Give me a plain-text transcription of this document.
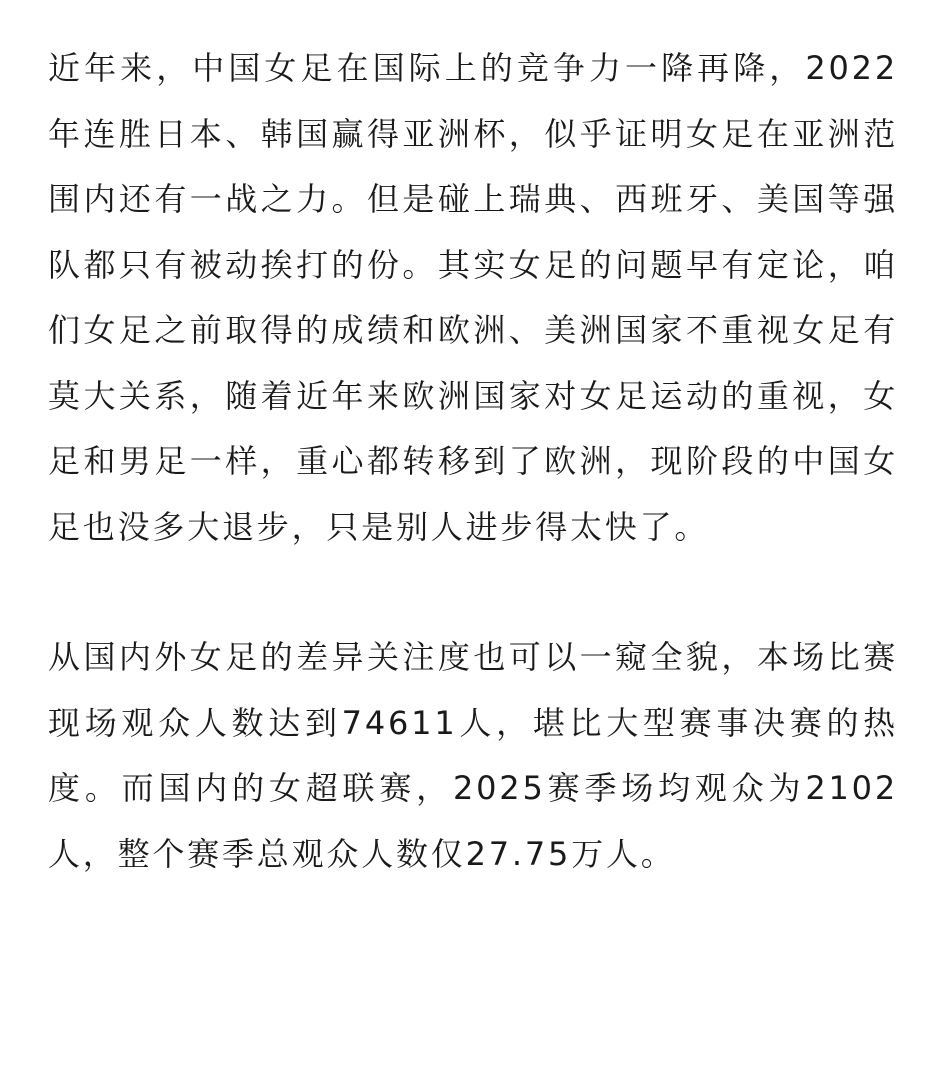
近年来，中国女足在国际上的竞争力一降再降，2022年连胜日本、韩国赢得亚洲杯，似乎证明女足在亚洲范围内还有一战之力。但是碰上瑞典、西班牙、美国等强队都只有被动挨打的份。其实女足的问题早有定论，咱们女足之前取得的成绩和欧洲、美洲国家不重视女足有莫大关系，随着近年来欧洲国家对女足运动的重视，女足和男足一样，重心都转移到了欧洲，现阶段的中国女足也没多大退步，只是别人进步得太快了。

从国内外女足的差异关注度也可以一窥全貌，本场比赛现场观众人数达到74611人，堪比大型赛事决赛的热度。而国内的女超联赛，2025赛季场均观众为2102人，整个赛季总观众人数仅27.75万人。
